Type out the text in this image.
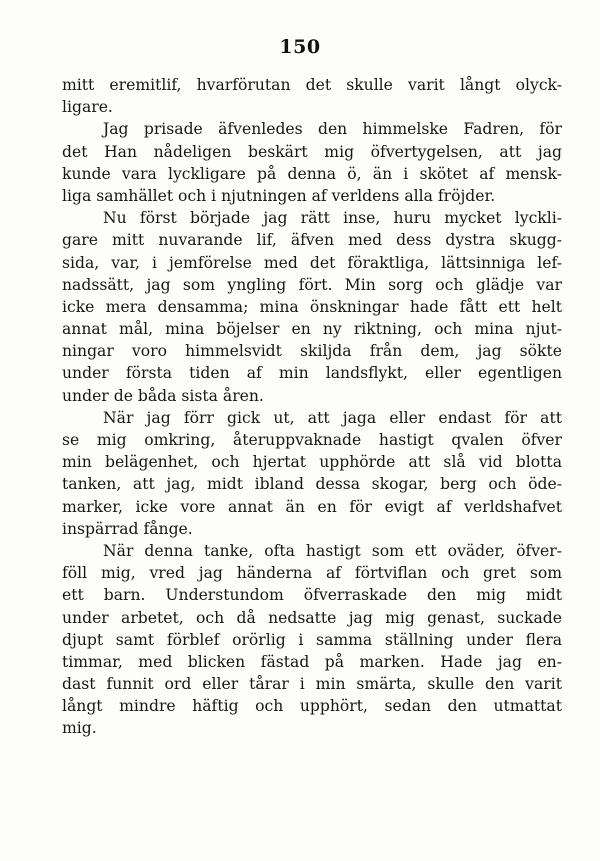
150
mitt eremitlif, hvarförutan det skulle varit långt olyck-
ligare.
Jag prisade äfvenledes den himmelske Fadren, för
det Han nådeligen beskärt mig öfvertygelsen, att jag
kunde vara lyckligare på denna ö, än i skötet af mensk-
liga samhället och i njutningen af verldens alla fröjder.
Nu först började jag rätt inse, huru mycket lyckli-
gare mitt nuvarande lif, äfven med dess dystra skugg-
sida, var, i jemförelse med det föraktliga, lättsinniga lef-
nadssätt, jag som yngling fört. Min sorg och glädje var
icke mera densamma; mina önskningar hade fått ett helt
annat mål, mina böjelser en ny riktning, och mina njut-
ningar voro himmelsvidt skiljda från dem, jag sökte
under första tiden af min landsflykt, eller egentligen
under de båda sista åren.
När jag förr gick ut, att jaga eller endast för att
se mig omkring, återuppvaknade hastigt qvalen öfver
min belägenhet, och hjertat upphörde att slå vid blotta
tanken, att jag, midt ibland dessa skogar, berg och öde-
marker, icke vore annat än en för evigt af verldshafvet
inspärrad fånge.
När denna tanke, ofta hastigt som ett oväder, öfver-
föll mig, vred jag händerna af förtviflan och gret som
ett barn. Understundom öfverraskade den mig midt
under arbetet, och då nedsatte jag mig genast, suckade
djupt samt förblef orörlig i samma ställning under flera
timmar, med blicken fästad på marken. Hade jag en-
dast funnit ord eller tårar i min smärta, skulle den varit
långt mindre häftig och upphört, sedan den utmattat
mig.
